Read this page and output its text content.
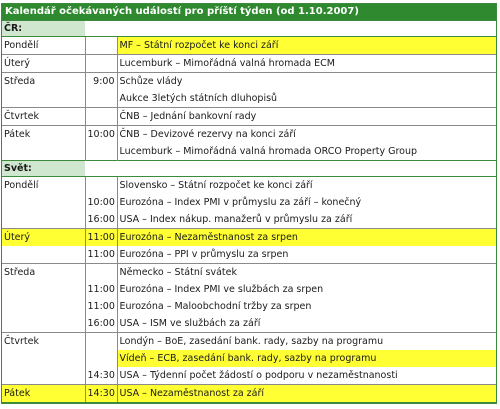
Kalendář očekávaných událostí pro příští týden (od 1.10.2007)
ČR:		
Pondělí		MF – Státní rozpočet ke konci září
Úterý		Lucemburk – Mimořádná valná hromada ECM
Středa	9:00	Schůze vlády
		Aukce 3letých státních dluhopisů
Čtvrtek		ČNB – Jednání bankovní rady
Pátek	10:00	ČNB – Devizové rezervy na konci září
		Lucemburk – Mimořádná valná hromada ORCO Property Group
Svět:		
Pondělí		Slovensko – Státní rozpočet ke konci září
	10:00	Eurozóna – Index PMI v průmyslu za září – konečný
	16:00	USA – Index nákup. manažerů v průmyslu za září
Úterý	11:00	Eurozóna – Nezaměstnanost za srpen
	11:00	Eurozóna – PPI v průmyslu za srpen
Středa		Německo – Státní svátek
	11:00	Eurozóna – Index PMI ve službách za srpen
	11:00	Eurozóna – Maloobchodní tržby za srpen
	16:00	USA – ISM ve službách za září
Čtvrtek		Londýn – BoE, zasedání bank. rady, sazby na programu
		Vídeň – ECB, zasedání bank. rady, sazby na programu
	14:30	USA – Týdenní počet žádostí o podporu v nezaměstnanosti
Pátek	14:30	USA – Nezaměstnanost za září
